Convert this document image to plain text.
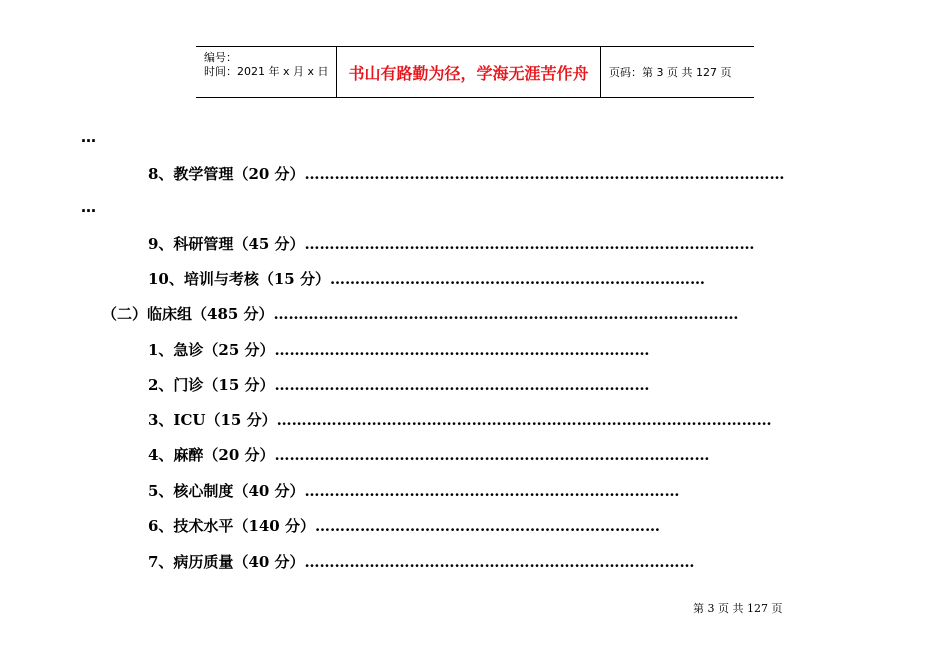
编号：
时间：2021 年 x 月 x 日	书山有路勤为径，学海无涯苦作舟	页码：第 3 页 共 127 页
…
8、教学管理（20 分）……………………………………………………………………………………
…
9、科研管理（45 分）………………………………………………………………………………
10、培训与考核（15 分）…………………………………………………………………
（二）临床组（485 分）…………………………………………………………………………………
1、急诊（25 分）…………………………………………………………………
2、门诊（15 分）…………………………………………………………………
3、ICU（15 分）………………………………………………………………………………………
4、麻醉（20 分）……………………………………………………………………………
5、核心制度（40 分）…………………………………………………………………
6、技术水平（140 分）……………………………………………………………
7、病历质量（40 分）……………………………………………………………………
第 3 页 共 127 页
